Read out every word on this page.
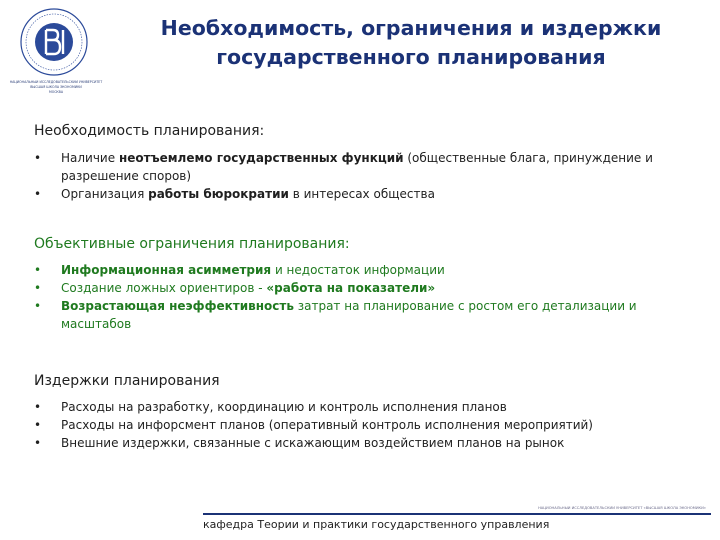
НАЦИОНАЛЬНЫЙ ИССЛЕДОВАТЕЛЬСКИЙ УНИВЕРСИТЕТ
ВЫСШАЯ ШКОЛА ЭКОНОМИКИ
МОСКВА
Необходимость, ограничения и издержки государственного планирования
Необходимость планирования:
• Наличие неотъемлемо государственных функций (общественные блага, принуждение и разрешение споров)
• Организация работы бюрократии в интересах общества
Объективные ограничения планирования:
• Информационная асимметрия и недостаток информации
• Создание ложных ориентиров - «работа на показатели»
• Возрастающая неэффективность затрат на планирование с ростом его детализации и масштабов
Издержки планирования
• Расходы на разработку, координацию и контроль исполнения планов
• Расходы на инфорсмент планов (оперативный контроль исполнения мероприятий)
• Внешние издержки, связанные с искажающим воздействием планов на рынок
НАЦИОНАЛЬНЫЙ ИССЛЕДОВАТЕЛЬСКИЙ УНИВЕРСИТЕТ «ВЫСШАЯ ШКОЛА ЭКОНОМИКИ»
кафедра Теории и практики государственного управления
